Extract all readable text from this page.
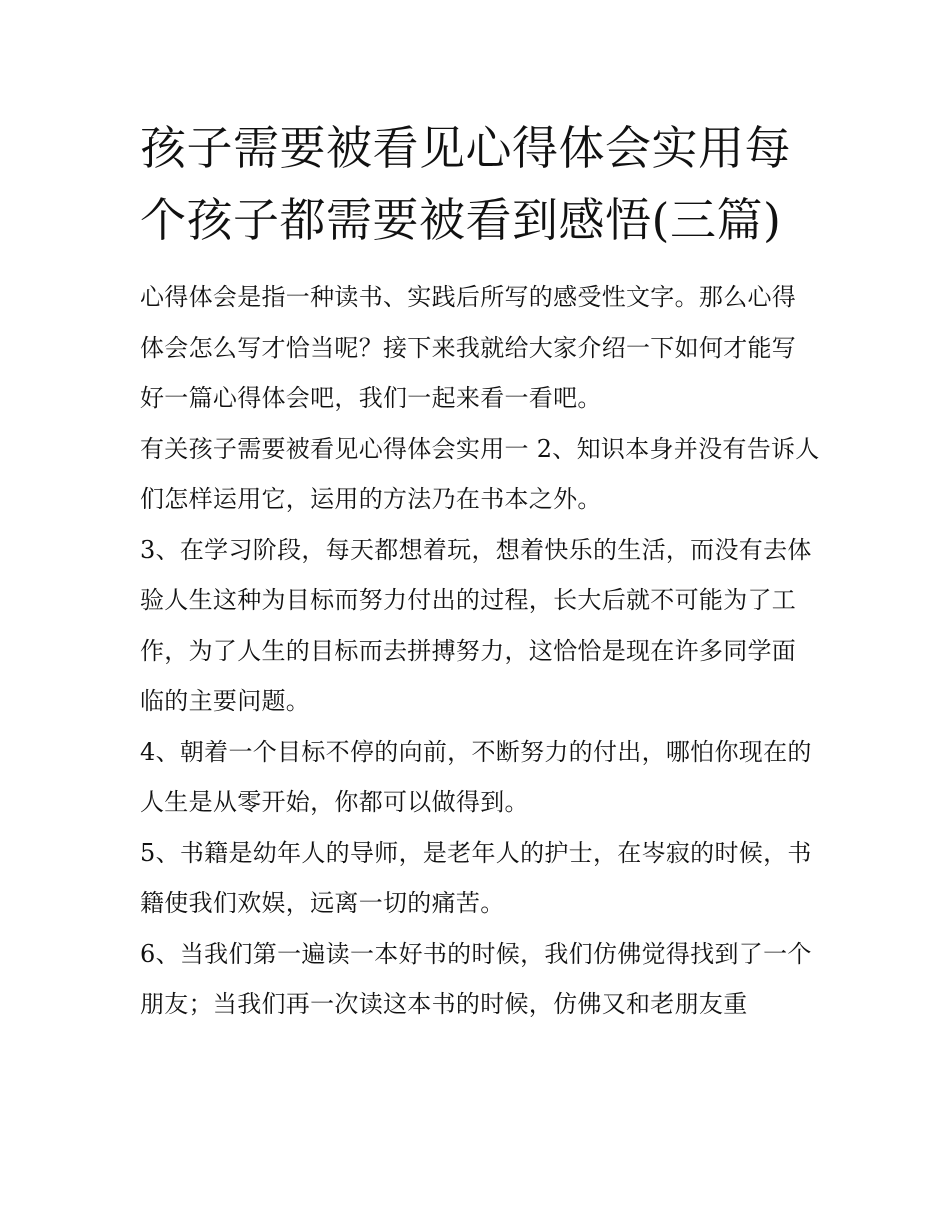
孩子需要被看见心得体会实用每个孩子都需要被看到感悟(三篇)

心得体会是指一种读书、实践后所写的感受性文字。那么心得体会怎么写才恰当呢？接下来我就给大家介绍一下如何才能写好一篇心得体会吧，我们一起来看一看吧。

有关孩子需要被看见心得体会实用一 2、知识本身并没有告诉人们怎样运用它，运用的方法乃在书本之外。

3、在学习阶段，每天都想着玩，想着快乐的生活，而没有去体验人生这种为目标而努力付出的过程，长大后就不可能为了工作，为了人生的目标而去拼搏努力，这恰恰是现在许多同学面临的主要问题。

4、朝着一个目标不停的向前，不断努力的付出，哪怕你现在的人生是从零开始，你都可以做得到。

5、书籍是幼年人的导师，是老年人的护士，在岑寂的时候，书籍使我们欢娱，远离一切的痛苦。

6、当我们第一遍读一本好书的时候，我们仿佛觉得找到了一个朋友；当我们再一次读这本书的时候，仿佛又和老朋友重
